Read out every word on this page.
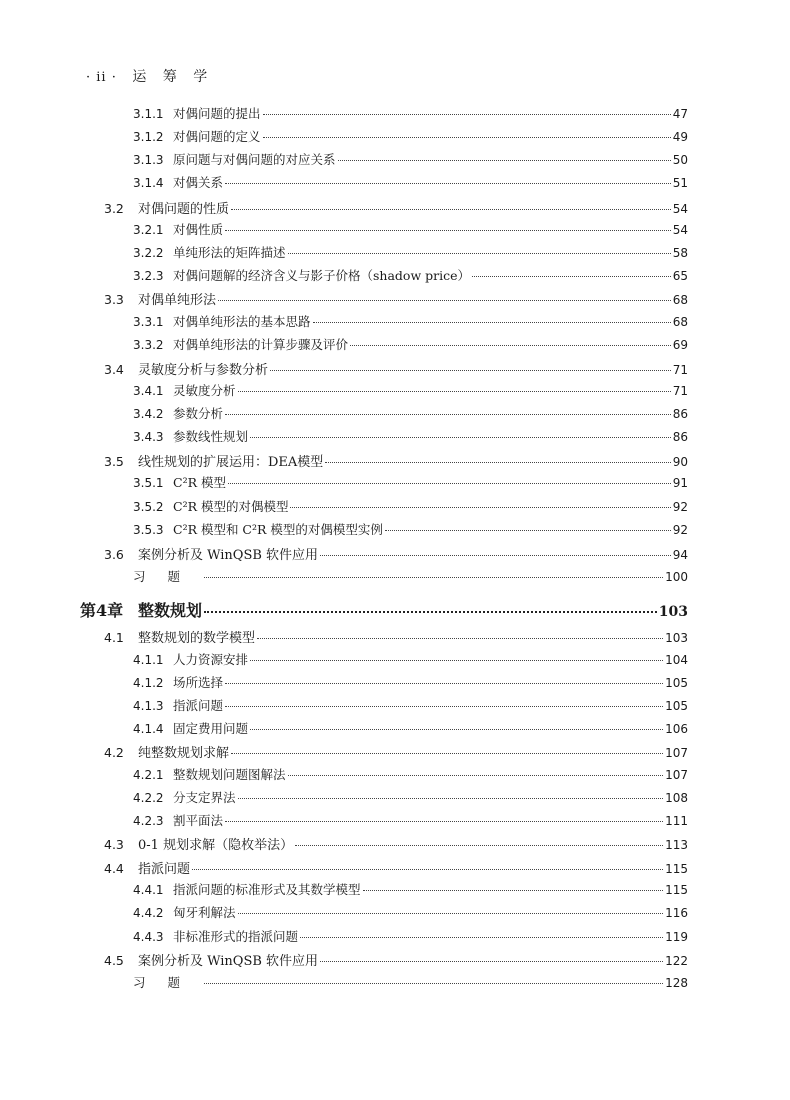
· ii · 运 筹 学
3.1.1 对偶问题的提出	47
3.1.2 对偶问题的定义	49
3.1.3 原问题与对偶问题的对应关系	50
3.1.4 对偶关系	51
3.2	对偶问题的性质	54
3.2.1 对偶性质	54
3.2.2 单纯形法的矩阵描述	58
3.2.3 对偶问题解的经济含义与影子价格（shadow price）	65
3.3	对偶单纯形法	68
3.3.1 对偶单纯形法的基本思路	68
3.3.2 对偶单纯形法的计算步骤及评价	69
3.4	灵敏度分析与参数分析	71
3.4.1 灵敏度分析	71
3.4.2 参数分析	86
3.4.3 参数线性规划	86
3.5	线性规划的扩展运用：DEA模型	90
3.5.1 C²R 模型	91
3.5.2 C²R 模型的对偶模型	92
3.5.3 C²R 模型和 C²R 模型的对偶模型实例	92
3.6	案例分析及 WinQSB 软件应用	94
习题	100
第4章 整数规划	103
4.1	整数规划的数学模型	103
4.1.1 人力资源安排	104
4.1.2 场所选择	105
4.1.3 指派问题	105
4.1.4 固定费用问题	106
4.2	纯整数规划求解	107
4.2.1 整数规划问题图解法	107
4.2.2 分支定界法	108
4.2.3 割平面法	111
4.3	0-1 规划求解（隐枚举法）	113
4.4	指派问题	115
4.4.1 指派问题的标准形式及其数学模型	115
4.4.2 匈牙利解法	116
4.4.3 非标准形式的指派问题	119
4.5	案例分析及 WinQSB 软件应用	122
习题	128
